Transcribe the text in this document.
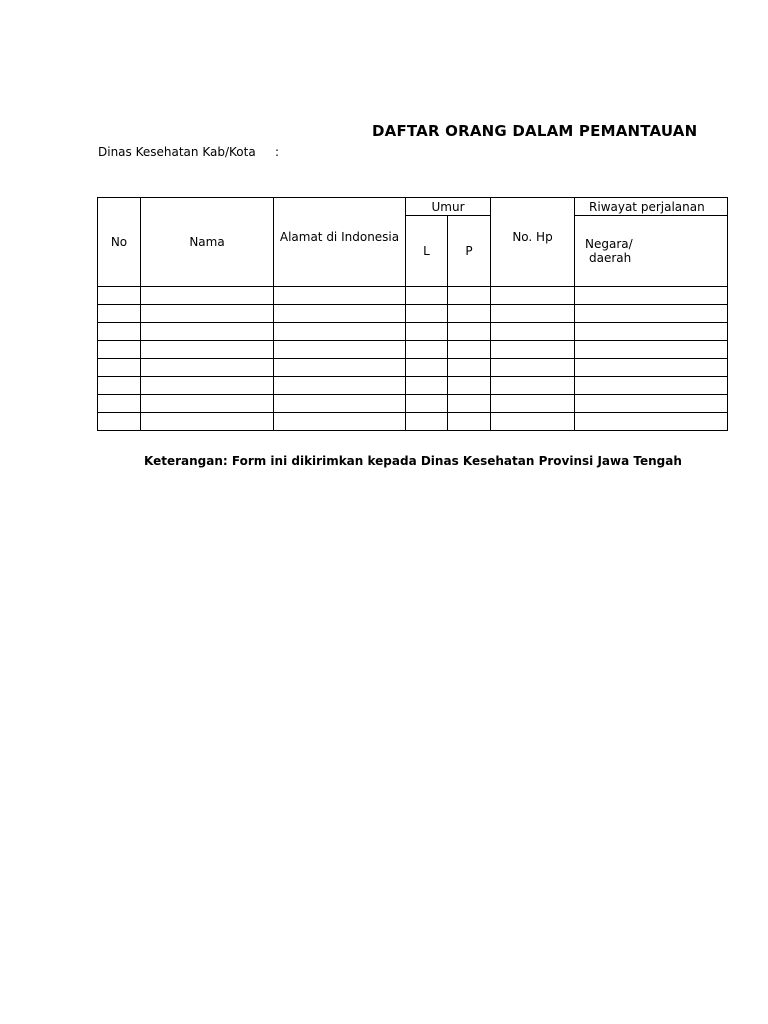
DAFTAR ORANG DALAM PEMANTAUAN
Dinas Kesehatan Kab/Kota :
No	Nama	Alamat di Indonesia	Umur		No. Hp	Riwayat perjalanan

			L	P		Negara/
daerah

Keterangan: Form ini dikirimkan kepada Dinas Kesehatan Provinsi Jawa Tengah
